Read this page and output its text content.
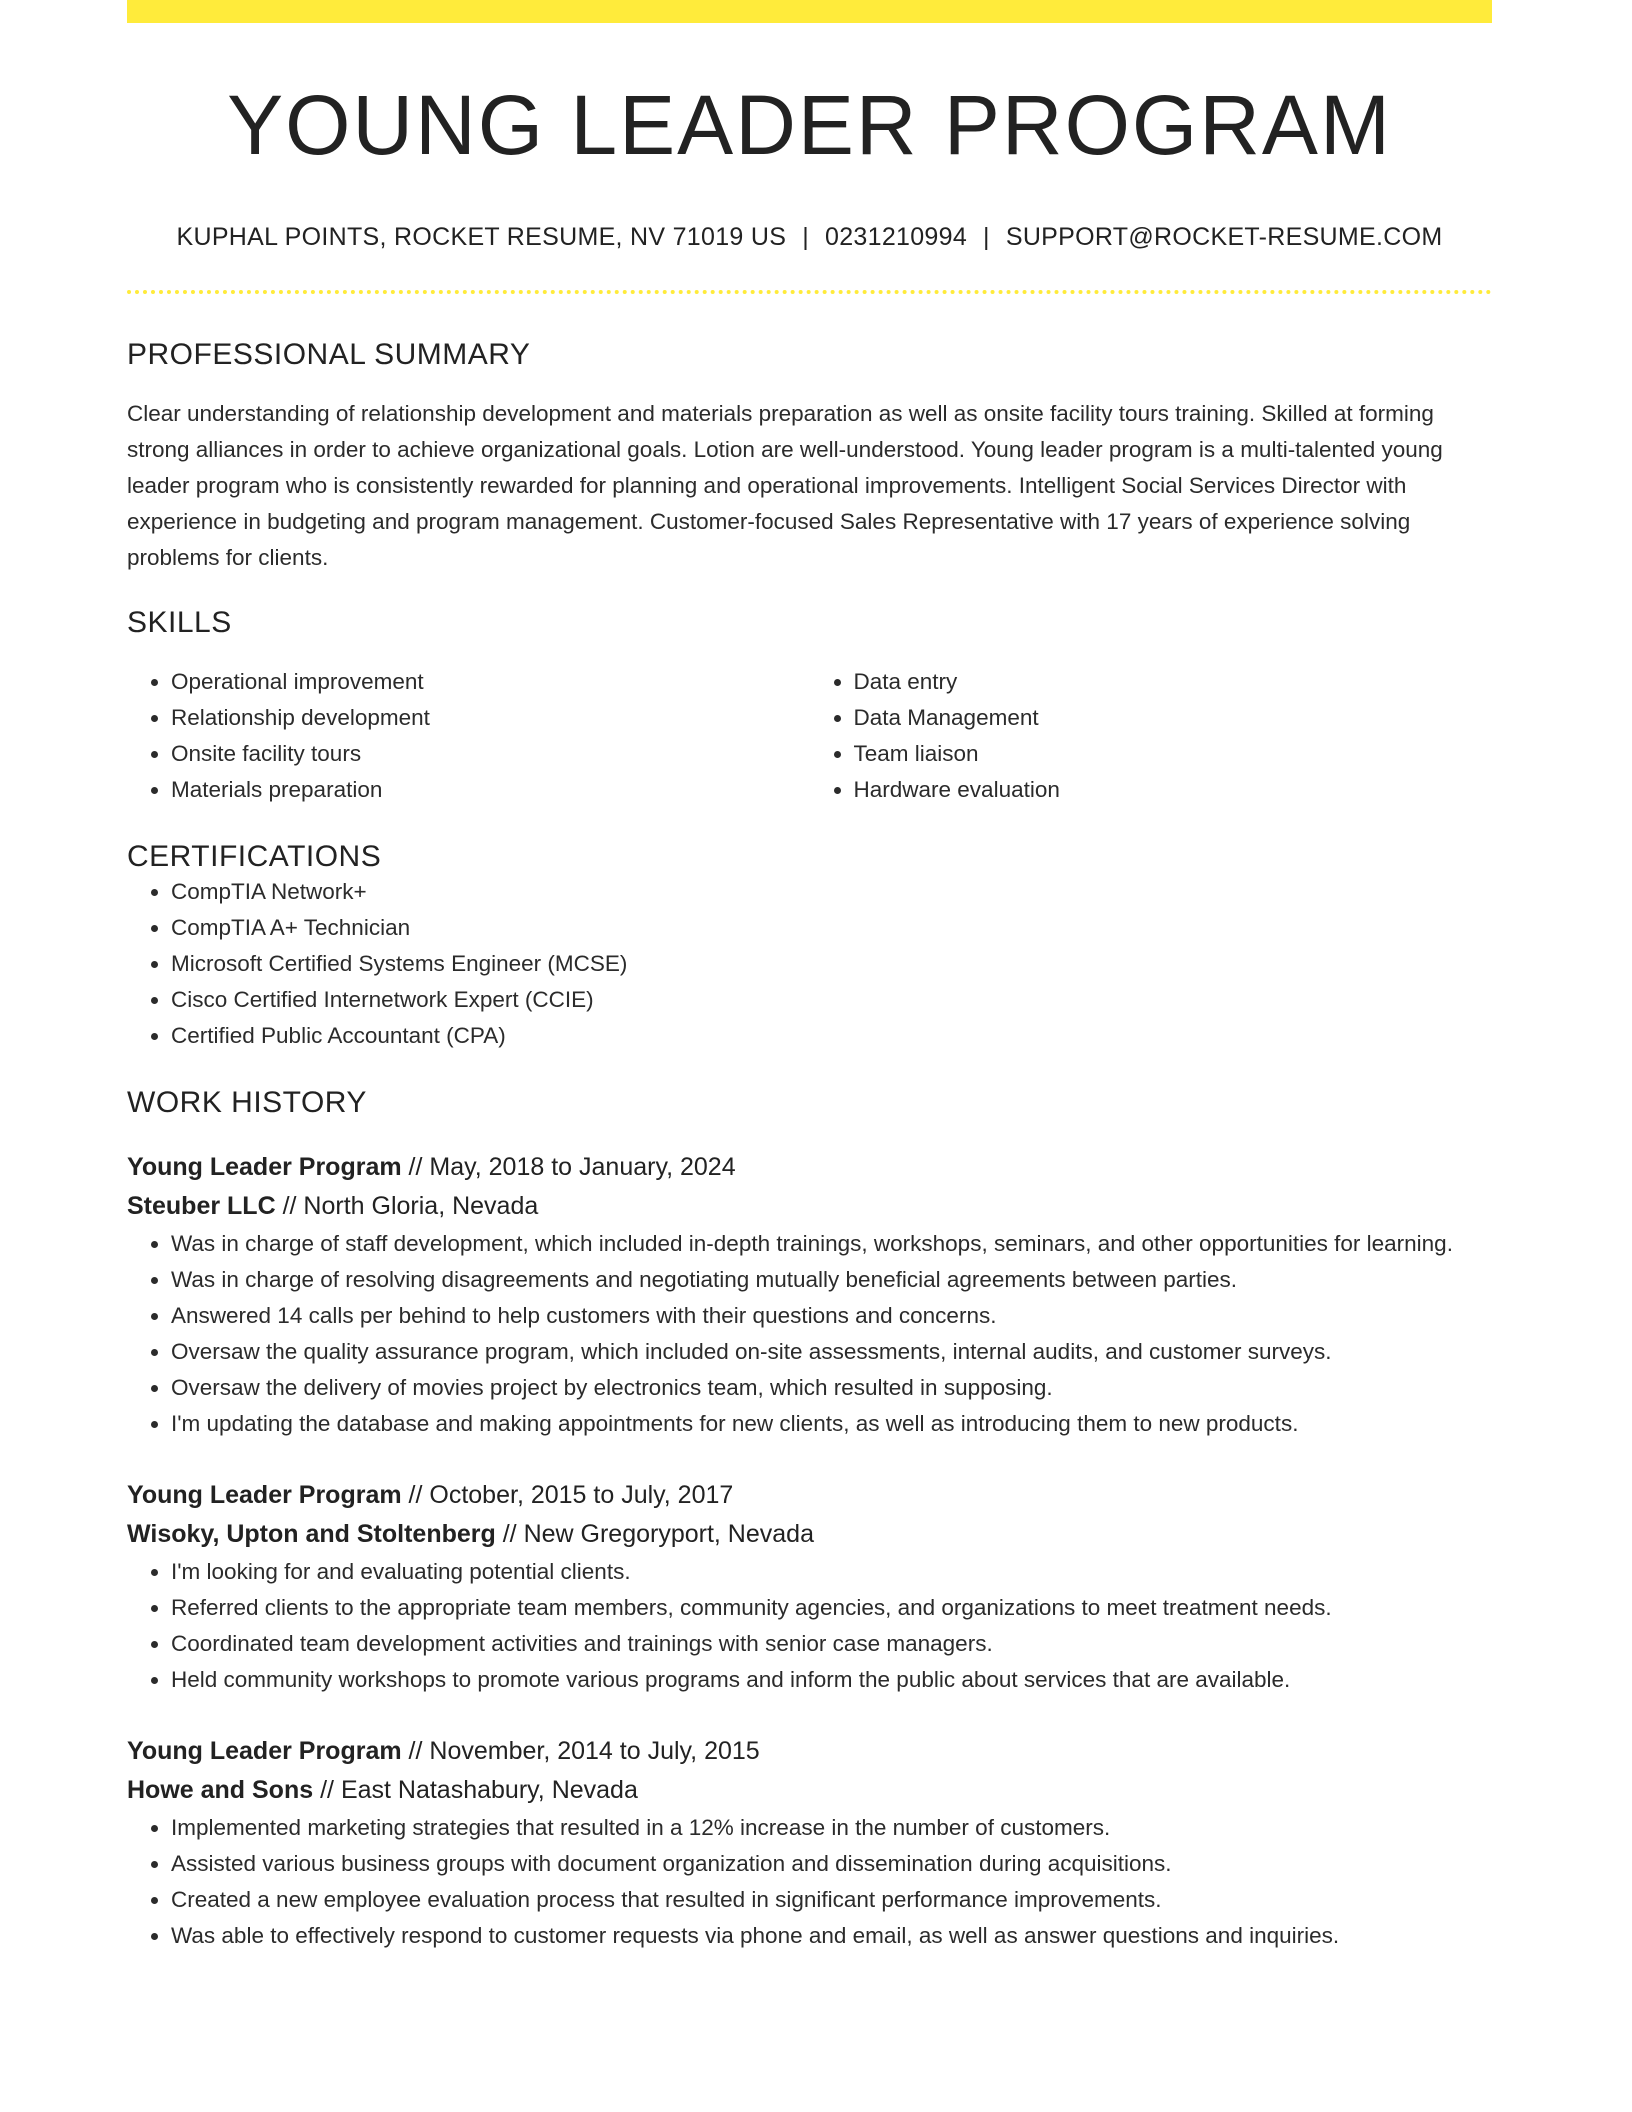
YOUNG LEADER PROGRAM
KUPHAL POINTS, ROCKET RESUME, NV 71019 US | 0231210994 | SUPPORT@ROCKET-RESUME.COM
PROFESSIONAL SUMMARY

Clear understanding of relationship development and materials preparation as well as onsite facility tours training. Skilled at forming strong alliances in order to achieve organizational goals. Lotion are well-understood. Young leader program is a multi-talented young leader program who is consistently rewarded for planning and operational improvements. Intelligent Social Services Director with experience in budgeting and program management. Customer-focused Sales Representative with 17 years of experience solving problems for clients.

SKILLS
• Operational improvement
• Relationship development
• Onsite facility tours
• Materials preparation
• Data entry
• Data Management
• Team liaison
• Hardware evaluation
CERTIFICATIONS
• CompTIA Network+
• CompTIA A+ Technician
• Microsoft Certified Systems Engineer (MCSE)
• Cisco Certified Internetwork Expert (CCIE)
• Certified Public Accountant (CPA)
WORK HISTORY
Young Leader Program // May, 2018 to January, 2024
Steuber LLC // North Gloria, Nevada
• Was in charge of staff development, which included in-depth trainings, workshops, seminars, and other opportunities for learning.
• Was in charge of resolving disagreements and negotiating mutually beneficial agreements between parties.
• Answered 14 calls per behind to help customers with their questions and concerns.
• Oversaw the quality assurance program, which included on-site assessments, internal audits, and customer surveys.
• Oversaw the delivery of movies project by electronics team, which resulted in supposing.
• I'm updating the database and making appointments for new clients, as well as introducing them to new products.
Young Leader Program // October, 2015 to July, 2017
Wisoky, Upton and Stoltenberg // New Gregoryport, Nevada
• I'm looking for and evaluating potential clients.
• Referred clients to the appropriate team members, community agencies, and organizations to meet treatment needs.
• Coordinated team development activities and trainings with senior case managers.
• Held community workshops to promote various programs and inform the public about services that are available.
Young Leader Program // November, 2014 to July, 2015
Howe and Sons // East Natashabury, Nevada
• Implemented marketing strategies that resulted in a 12% increase in the number of customers.
• Assisted various business groups with document organization and dissemination during acquisitions.
• Created a new employee evaluation process that resulted in significant performance improvements.
• Was able to effectively respond to customer requests via phone and email, as well as answer questions and inquiries.
